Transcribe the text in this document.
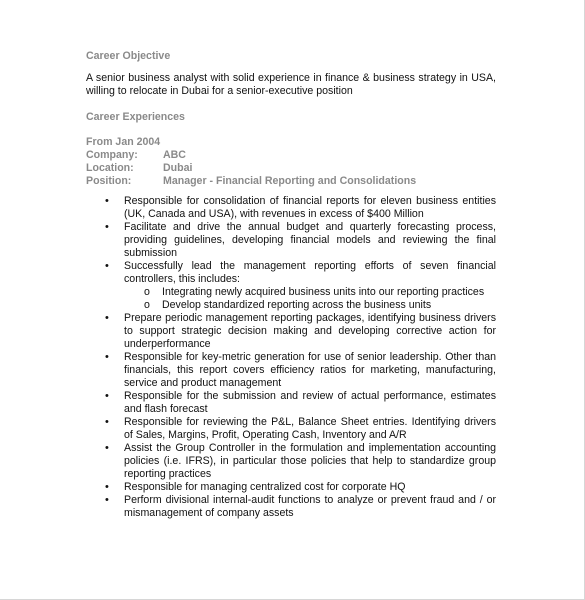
Career Objective

A senior business analyst with solid experience in finance & business strategy in USA, willing to relocate in Dubai for a senior-executive position

Career Experiences

From Jan 2004
Company:	ABC
Location:	Dubai
Position:	Manager - Financial Reporting and Consolidations
• Responsible for consolidation of financial reports for eleven business entities (UK, Canada and USA), with revenues in excess of $400 Million
• Facilitate and drive the annual budget and quarterly forecasting process, providing guidelines, developing financial models and reviewing the final submission
• Successfully lead the management reporting efforts of seven financial controllers, this includes:
o Integrating newly acquired business units into our reporting practices
o Develop standardized reporting across the business units
• Prepare periodic management reporting packages, identifying business drivers to support strategic decision making and developing corrective action for underperformance
• Responsible for key-metric generation for use of senior leadership. Other than financials, this report covers efficiency ratios for marketing, manufacturing, service and product management
• Responsible for the submission and review of actual performance, estimates and flash forecast
• Responsible for reviewing the P&L, Balance Sheet entries. Identifying drivers of Sales, Margins, Profit, Operating Cash, Inventory and A/R
• Assist the Group Controller in the formulation and implementation accounting policies (i.e. IFRS), in particular those policies that help to standardize group reporting practices
• Responsible for managing centralized cost for corporate HQ
• Perform divisional internal-audit functions to analyze or prevent fraud and / or mismanagement of company assets
